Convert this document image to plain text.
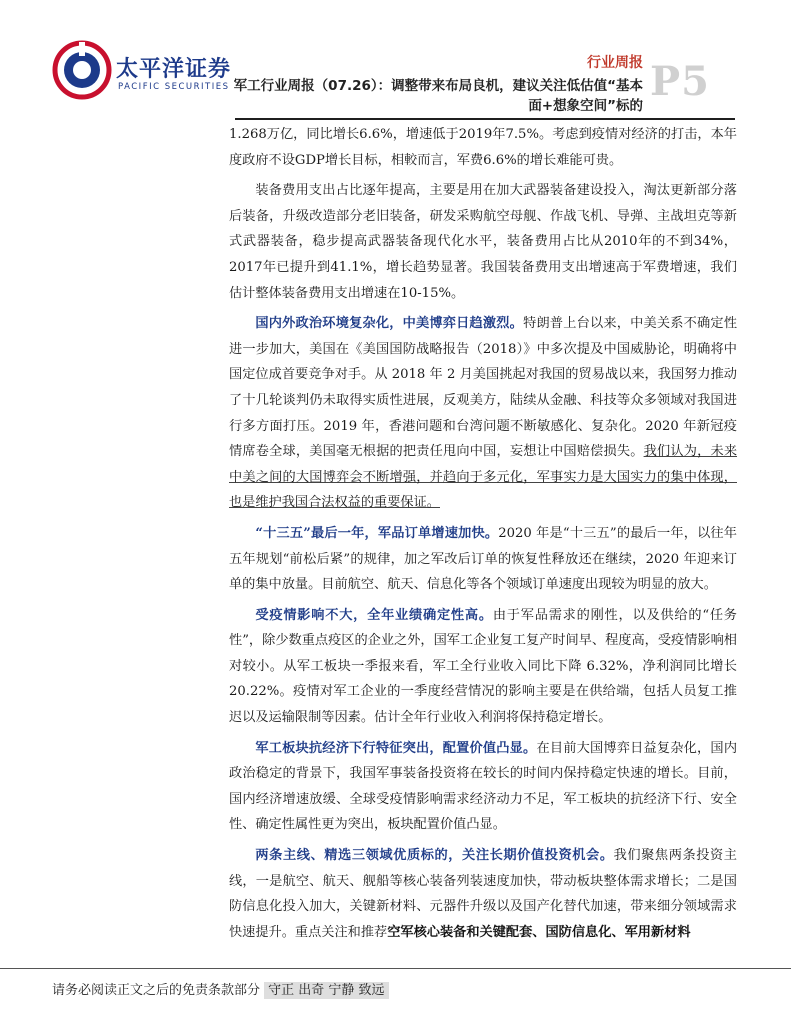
太平洋证券
PACIFIC SECURITIES
行业周报 P5
军工行业周报（07.26）：调整带来布局良机，建议关注低估值“基本面+想象空间”标的

1.268万亿，同比增长6.6%，增速低于2019年7.5%。考虑到疫情对经济的打击，本年度政府不设GDP增长目标，相較而言，军费6.6%的增长难能可贵。

装备费用支出占比逐年提高，主要是用在加大武器装备建设投入，淘汰更新部分落后装备，升级改造部分老旧装备，研发采购航空母舰、作战飞机、导弹、主战坦克等新式武器装备，稳步提高武器装备现代化水平，装备费用占比从2010年的不到34%，2017年已提升到41.1%，增长趋势显著。我国装备费用支出增速高于军费增速，我们估计整体装备费用支出增速在10-15%。

国内外政治环境复杂化，中美博弈日趋激烈。特朗普上台以来，中美关系不确定性进一步加大，美国在《美国国防战略报告（2018）》中多次提及中国威胁论，明确将中国定位成首要竞争对手。从 2018 年 2 月美国挑起对我国的贸易战以来，我国努力推动了十几轮谈判仍未取得实质性进展，反观美方，陆续从金融、科技等众多领域对我国进行多方面打压。2019 年，香港问题和台湾问题不断敏感化、复杂化。2020 年新冠疫情席卷全球，美国毫无根据的把责任甩向中国，妄想让中国赔偿损失。我们认为，未来中美之间的大国博弈会不断增强，并趋向于多元化，军事实力是大国实力的集中体现，也是维护我国合法权益的重要保证。

“十三五”最后一年，军品订单增速加快。2020 年是“十三五”的最后一年，以往年五年规划“前松后紧”的规律，加之军改后订单的恢复性释放还在继续，2020 年迎来订单的集中放量。目前航空、航天、信息化等各个领域订单速度出现较为明显的放大。

受疫情影响不大，全年业绩确定性高。由于军品需求的刚性，以及供给的“任务性”，除少数重点疫区的企业之外，国军工企业复工复产时间早、程度高，受疫情影响相对较小。从军工板块一季报来看，军工全行业收入同比下降 6.32%，净利润同比增长 20.22%。疫情对军工企业的一季度经营情况的影响主要是在供给端，包括人员复工推迟以及运输限制等因素。估计全年行业收入利润将保持稳定增长。

军工板块抗经济下行特征突出，配置价值凸显。在目前大国博弈日益复杂化，国内政治稳定的背景下，我国军事装备投资将在较长的时间内保持稳定快速的增长。目前，国内经济增速放缓、全球受疫情影响需求经济动力不足，军工板块的抗经济下行、安全性、确定性属性更为突出，板块配置价值凸显。

两条主线、精选三领域优质标的，关注长期价值投资机会。我们聚焦两条投资主线，一是航空、航天、舰船等核心装备列装速度加快，带动板块整体需求增长；二是国防信息化投入加大，关键新材料、元器件升级以及国产化替代加速，带来细分领域需求快速提升。重点关注和推荐空军核心装备和关键配套、国防信息化、军用新材料

请务必阅读正文之后的免责条款部分 守正 出奇 宁静 致远
